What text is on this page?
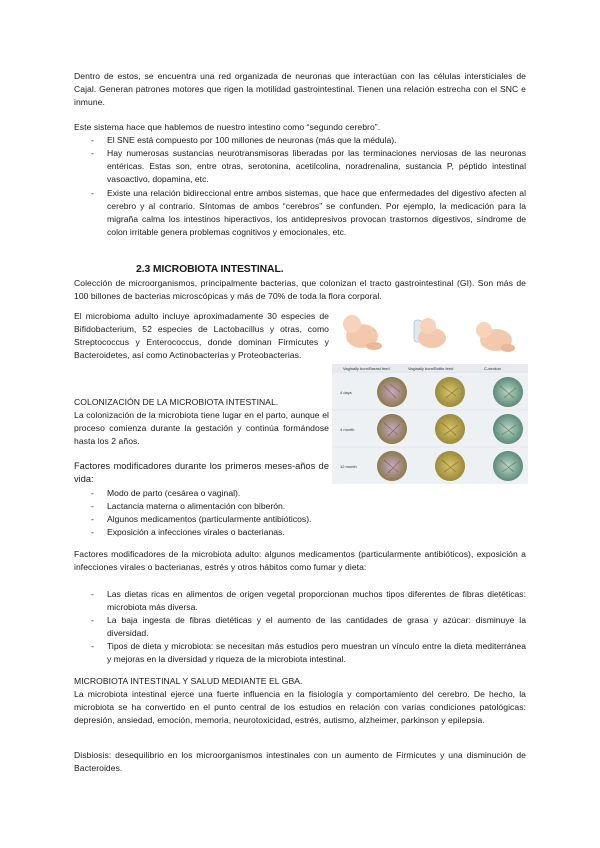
Dentro de estos, se encuentra una red organizada de neuronas que interactúan con las células intersticiales de Cajal. Generan patrones motores que rigen la motilidad gastrointestinal. Tienen una relación estrecha con el SNC e inmune.

Este sistema hace que hablemos de nuestro intestino como “segundo cerebro”.

- El SNE está compuesto por 100 millones de neuronas (más que la médula).

- Hay numerosas sustancias neurotransmisoras liberadas por las terminaciones nerviosas de las neuronas entéricas. Estas son, entre otras, serotonina, acetilcolina, noradrenalina, sustancia P, péptido intestinal vasoactivo, dopamina, etc.

- Existe una relación bidireccional entre ambos sistemas, que hace que enfermedades del digestivo afecten al cerebro y al contrario. Síntomas de ambos “cerebros” se confunden. Por ejemplo, la medicación para la migraña calma los intestinos hiperactivos, los antidepresivos provocan trastornos digestivos, síndrome de colon irritable genera problemas cognitivos y emocionales, etc.

2.3 MICROBIOTA INTESTINAL.

Colección de microorganismos, principalmente bacterias, que colonizan el tracto gastrointestinal (GI). Son más de 100 billones de bacterias microscópicas y más de 70% de toda la flora corporal.

El microbioma adulto incluye aproximadamente 30 especies de Bifidobacterium, 52 especies de Lactobacillus y otras, como Streptococcus y Enterococcus, donde dominan Firmicutes y Bacteroidetes, así como Actinobacterias y Proteobacterias.

COLONIZACIÓN DE LA MICROBIOTA INTESTINAL.

La colonización de la microbiota tiene lugar en el parto, aunque el proceso comienza durante la gestación y continúa formándose hasta los 2 años.

Factores modificadores durante los primeros meses-años de vida:

- Modo de parto (cesárea o vaginal).

- Lactancia materna o alimentación con biberón.

- Algunos medicamentos (particularmente antibióticos).

- Exposición a infecciones virales o bacterianas.

Factores modificadores de la microbiota adulto: algunos medicamentos (particularmente antibióticos), exposición a infecciones virales o bacterianas, estrés y otros hábitos como fumar y dieta:

- Las dietas ricas en alimentos de origen vegetal proporcionan muchos tipos diferentes de fibras dietéticas: microbiota más diversa.

- La baja ingesta de fibras dietéticas y el aumento de las cantidades de grasa y azúcar: disminuye la diversidad.

- Tipos de dieta y microbiota: se necesitan más estudios pero muestran un vínculo entre la dieta mediterránea y mejoras en la diversidad y riqueza de la microbiota intestinal.

MICROBIOTA INTESTINAL Y SALUD MEDIANTE EL GBA.

La microbiota intestinal ejerce una fuerte influencia en la fisiología y comportamiento del cerebro. De hecho, la microbiota se ha convertido en el punto central de los estudios en relación con varias condiciones patológicas: depresión, ansiedad, emoción, memoria, neurotoxicidad, estrés, autismo, alzheimer, parkinson y epilepsia.

Disbiosis: desequilibrio en los microorganismos intestinales con un aumento de Firmicutes y una disminución de Bacteroides.

Vaginally born/Breast feed	Vaginally born/Bottle feed	C-section
4 days
4 month
12 month
